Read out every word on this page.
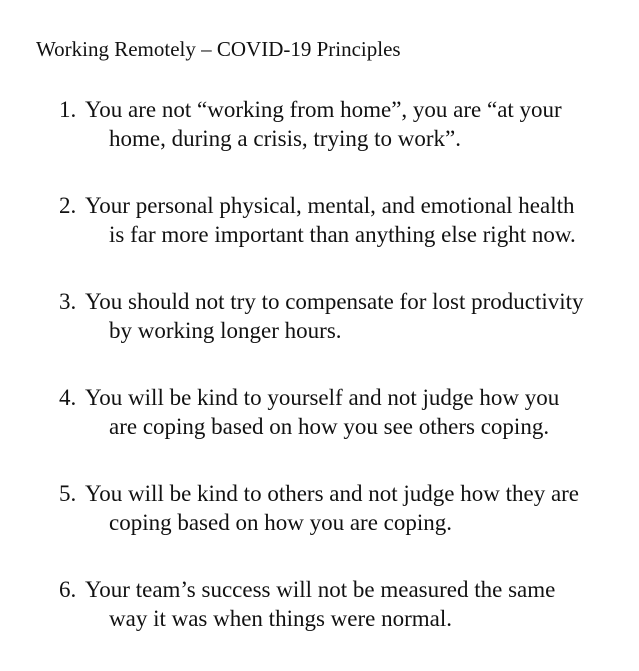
Working Remotely – COVID-19 Principles
1. You are not “working from home”, you are “at your
home, during a crisis, trying to work”.
2. Your personal physical, mental, and emotional health
is far more important than anything else right now.
3. You should not try to compensate for lost productivity
by working longer hours.
4. You will be kind to yourself and not judge how you
are coping based on how you see others coping.
5. You will be kind to others and not judge how they are
coping based on how you are coping.
6. Your team’s success will not be measured the same
way it was when things were normal.
